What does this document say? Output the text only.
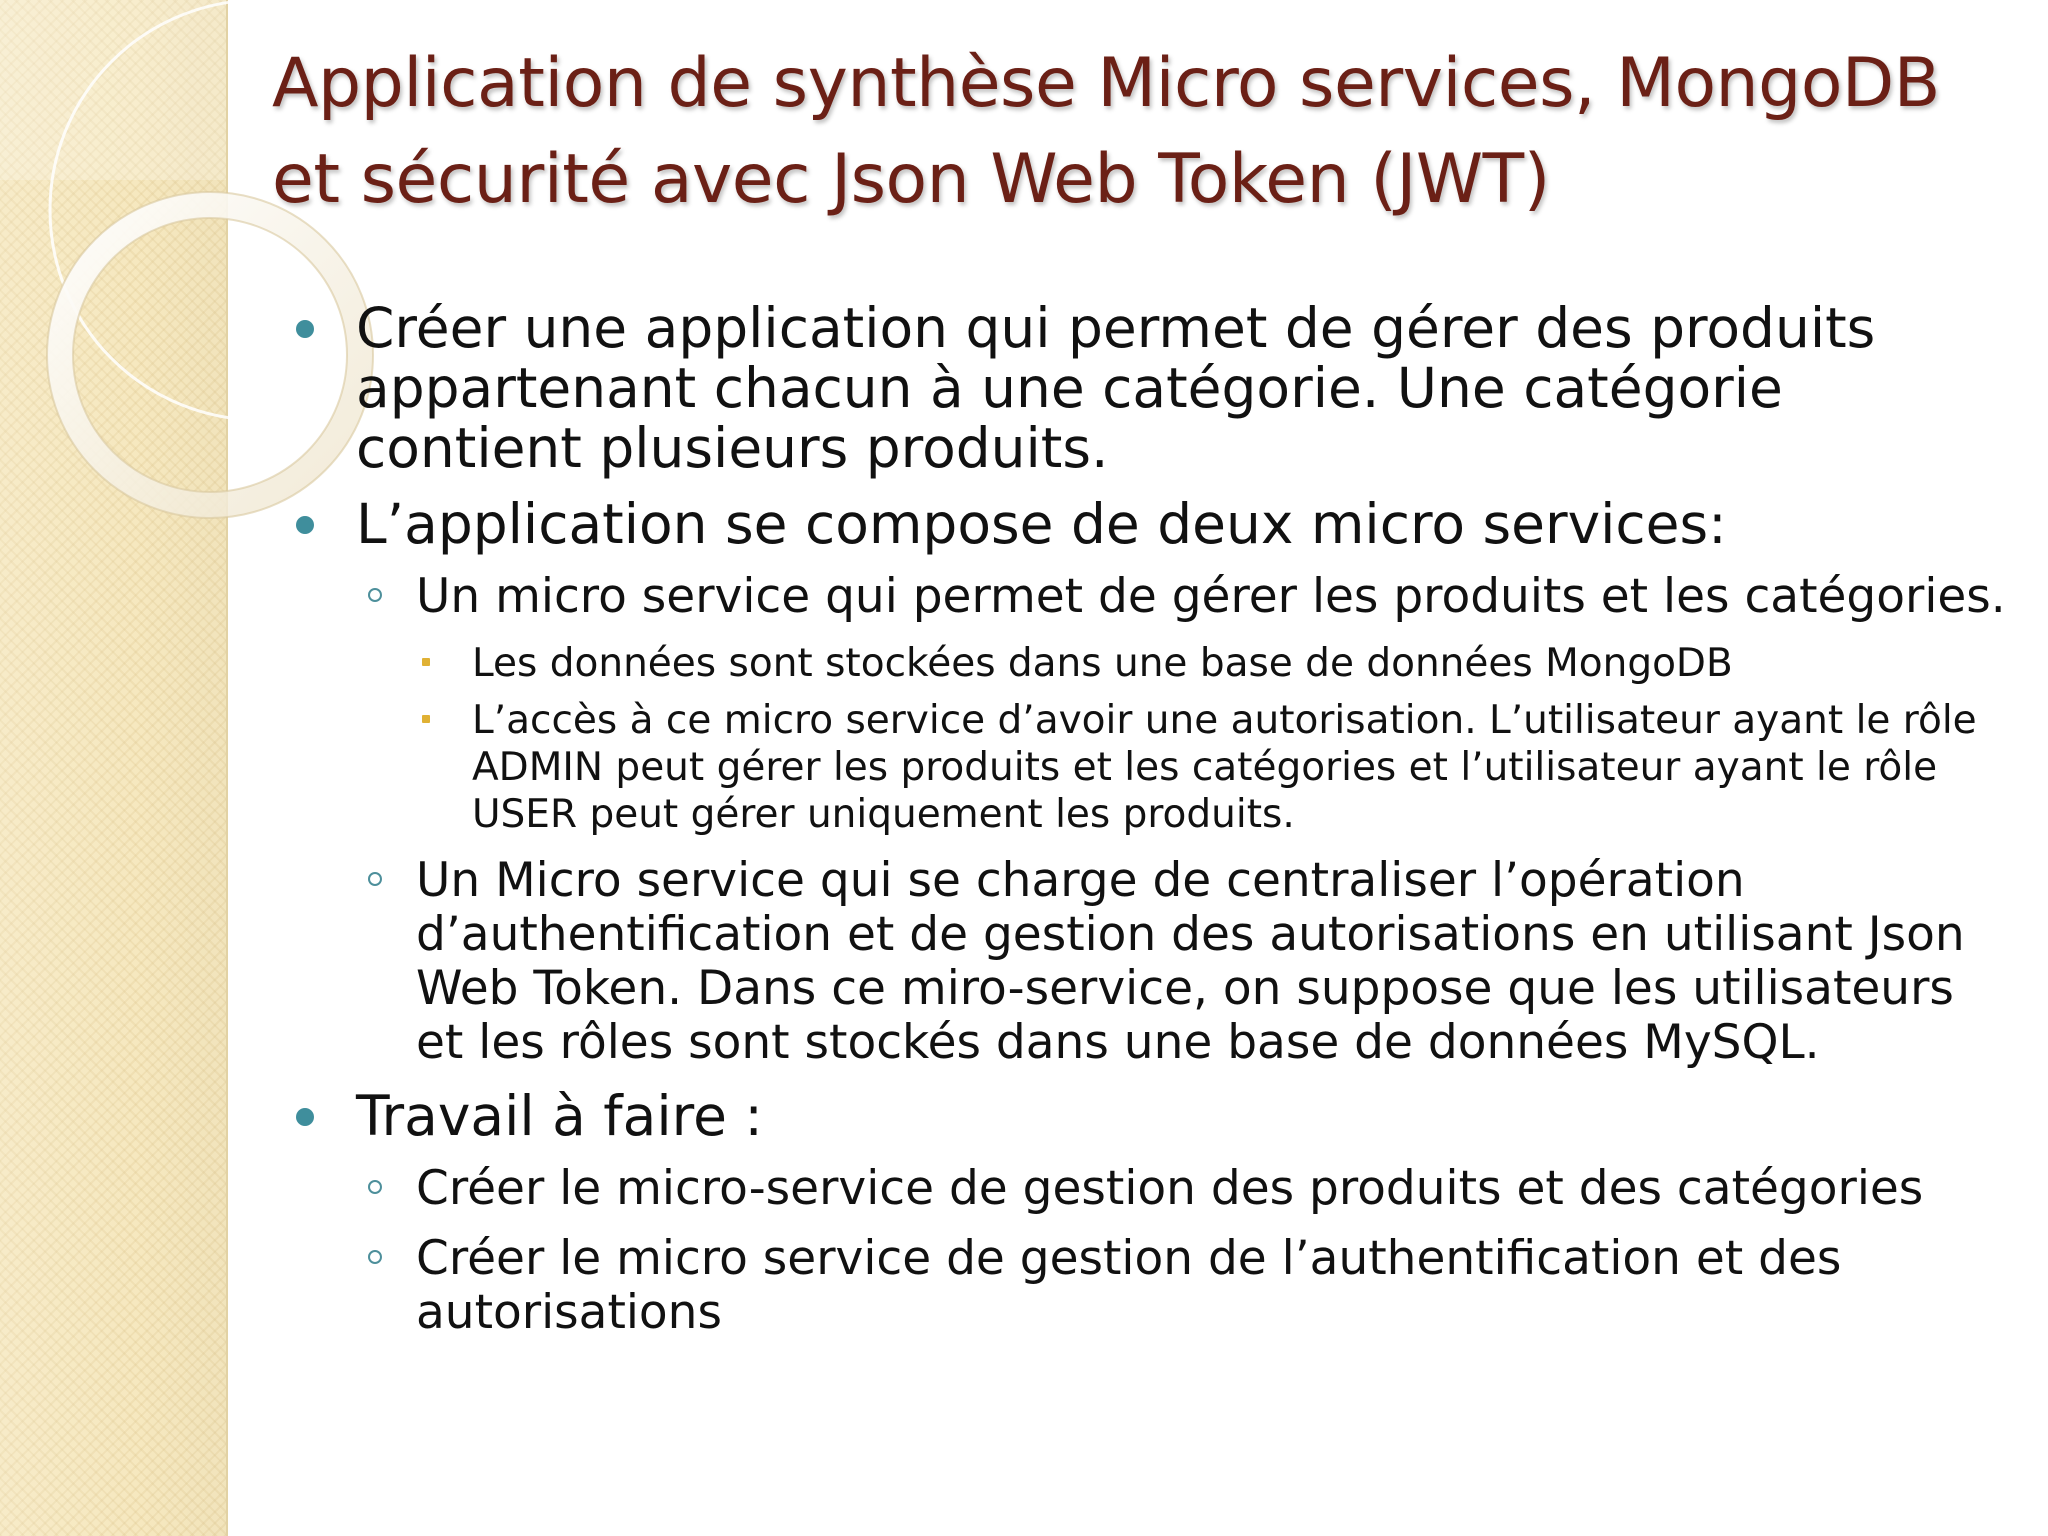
Application de synthèse Micro services, MongoDB et sécurité avec Json Web Token (JWT)
Créer une application qui permet de gérer des produits appartenant chacun à une catégorie. Une catégorie contient plusieurs produits.
L’application se compose de deux micro services:
Un micro service qui permet de gérer les produits et les catégories.
Les données sont stockées dans une base de données MongoDB
L’accès à ce micro service d’avoir une autorisation. L’utilisateur ayant le rôle ADMIN peut gérer les produits et les catégories et l’utilisateur ayant le rôle USER peut gérer uniquement les produits.
Un Micro service qui se charge de centraliser l’opération d’authentification et de gestion des autorisations en utilisant Json Web Token. Dans ce miro-service, on suppose que les utilisateurs et les rôles sont stockés dans une base de données MySQL.
Travail à faire :
Créer le micro-service de gestion des produits et des catégories
Créer le micro service de gestion de l’authentification et des autorisations
